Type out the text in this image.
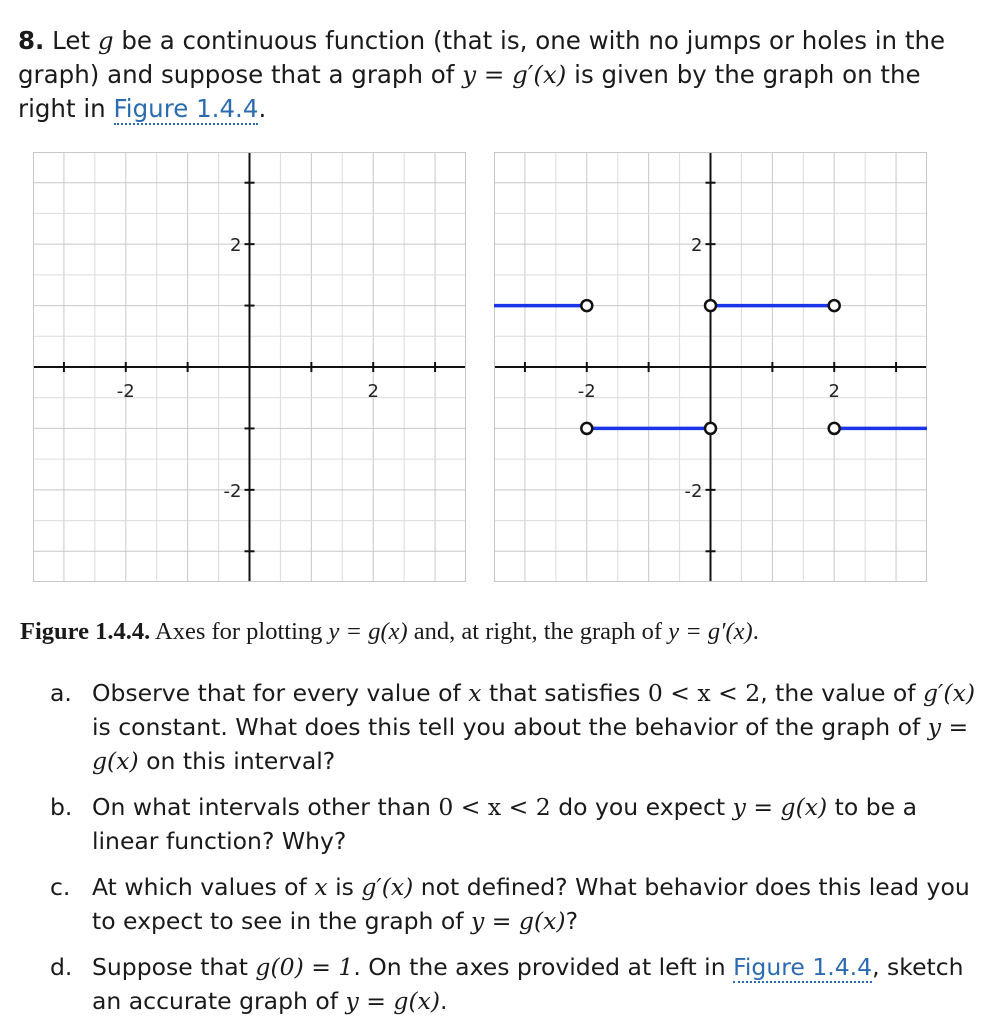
8. Let g be a continuous function (that is, one with no jumps or holes in the graph) and suppose that a graph of y = g′(x) is given by the graph on the right in Figure 1.4.4.
-2	2
2
-2
-2	2
2
-2
Figure 1.4.4. Axes for plotting y = g(x) and, at right, the graph of y = g′(x).
a. Observe that for every value of x that satisfies 0 < x < 2, the value of g′(x) is constant. What does this tell you about the behavior of the graph of y = g(x) on this interval?
b. On what intervals other than 0 < x < 2 do you expect y = g(x) to be a linear function? Why?
c. At which values of x is g′(x) not defined? What behavior does this lead you to expect to see in the graph of y = g(x)?
d. Suppose that g(0) = 1. On the axes provided at left in Figure 1.4.4, sketch an accurate graph of y = g(x).
